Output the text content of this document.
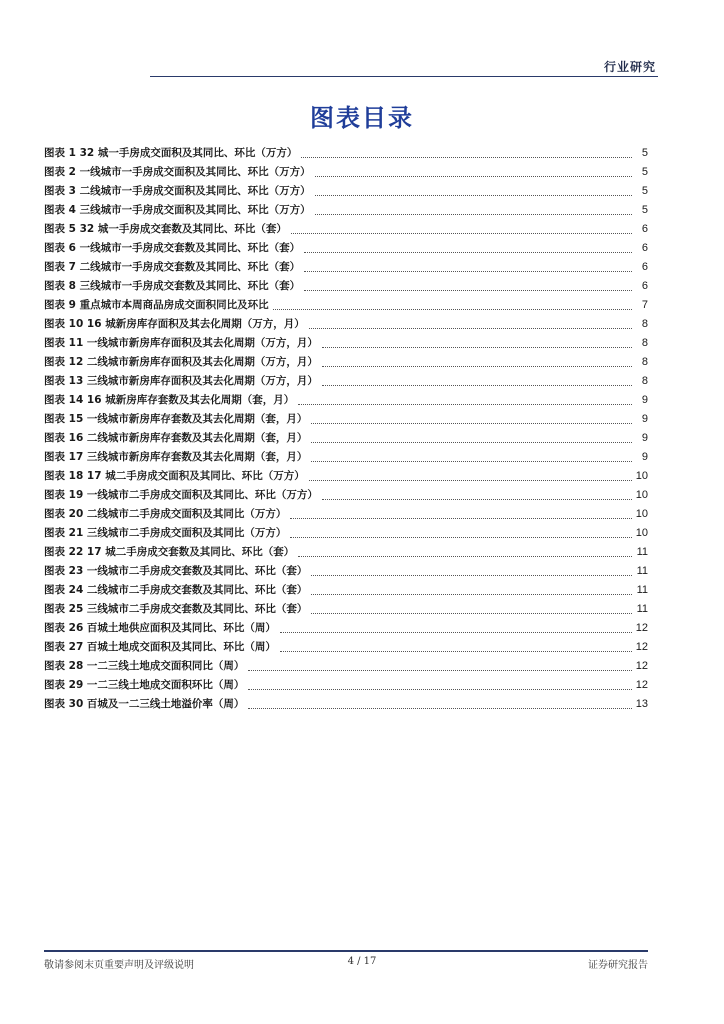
行业研究
图表目录
图表 1 32 城一手房成交面积及其同比、环比（万方）	5
图表 2 一线城市一手房成交面积及其同比、环比（万方）	5
图表 3 二线城市一手房成交面积及其同比、环比（万方）	5
图表 4 三线城市一手房成交面积及其同比、环比（万方）	5
图表 5 32 城一手房成交套数及其同比、环比（套）	6
图表 6 一线城市一手房成交套数及其同比、环比（套）	6
图表 7 二线城市一手房成交套数及其同比、环比（套）	6
图表 8 三线城市一手房成交套数及其同比、环比（套）	6
图表 9 重点城市本周商品房成交面积同比及环比	7
图表 10 16 城新房库存面积及其去化周期（万方，月）	8
图表 11 一线城市新房库存面积及其去化周期（万方，月）	8
图表 12 二线城市新房库存面积及其去化周期（万方，月）	8
图表 13 三线城市新房库存面积及其去化周期（万方，月）	8
图表 14 16 城新房库存套数及其去化周期（套，月）	9
图表 15 一线城市新房库存套数及其去化周期（套，月）	9
图表 16 二线城市新房库存套数及其去化周期（套，月）	9
图表 17 三线城市新房库存套数及其去化周期（套，月）	9
图表 18 17 城二手房成交面积及其同比、环比（万方）	10
图表 19 一线城市二手房成交面积及其同比、环比（万方）	10
图表 20 二线城市二手房成交面积及其同比（万方）	10
图表 21 三线城市二手房成交面积及其同比（万方）	10
图表 22 17 城二手房成交套数及其同比、环比（套）	11
图表 23 一线城市二手房成交套数及其同比、环比（套）	11
图表 24 二线城市二手房成交套数及其同比、环比（套）	11
图表 25 三线城市二手房成交套数及其同比、环比（套）	11
图表 26 百城土地供应面积及其同比、环比（周）	12
图表 27 百城土地成交面积及其同比、环比（周）	12
图表 28 一二三线土地成交面积同比（周）	12
图表 29 一二三线土地成交面积环比（周）	12
图表 30 百城及一二三线土地溢价率（周）	13
敬请参阅末页重要声明及评级说明	4 / 17	证券研究报告
